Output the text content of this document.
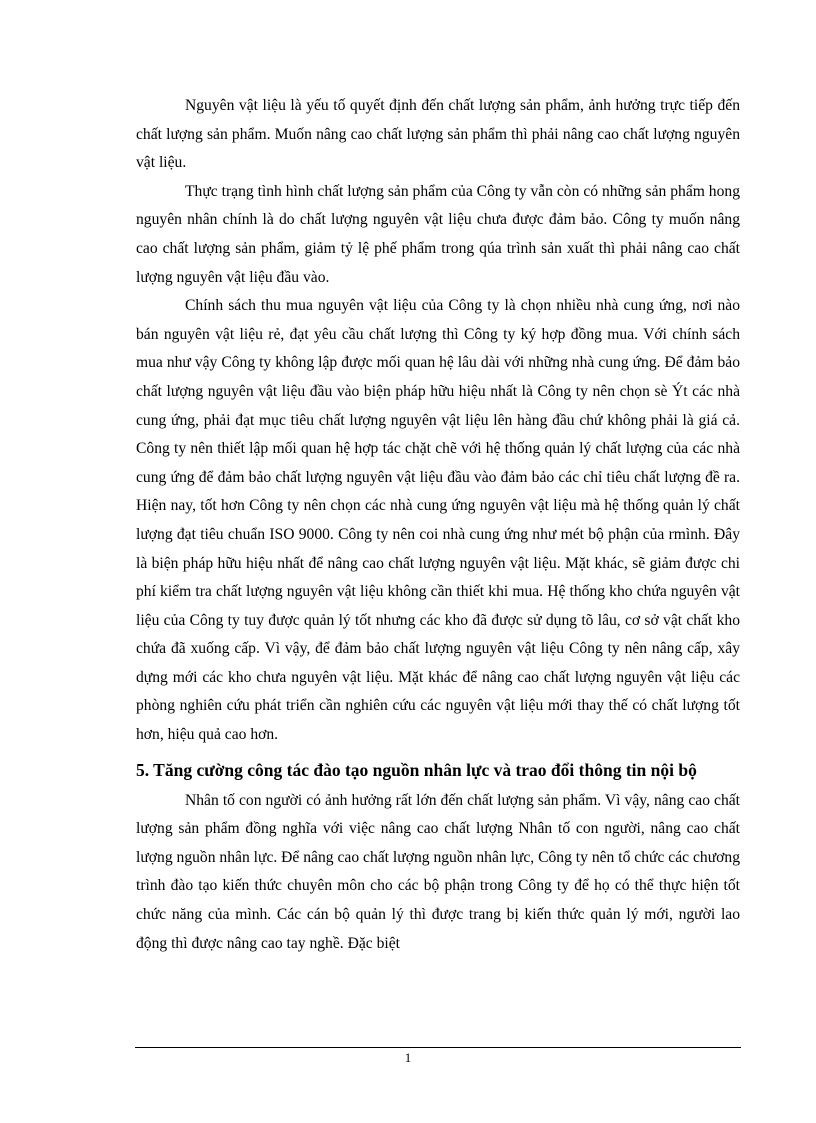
Nguyên vật liệu là yếu tố quyết định đến chất lượng sản phẩm, ảnh hưởng trực tiếp đến chất lượng sản phẩm. Muốn nâng cao chất lượng sản phẩm thì phải nâng cao chất lượng nguyên vật liệu.

Thực trạng tình hình chất lượng sản phẩm của Công ty vẫn còn có những sản phẩm hong nguyên nhân chính là do chất lượng nguyên vật liệu chưa được đảm bảo. Công ty muốn nâng cao chất lượng sản phẩm, giảm tỷ lệ phế phẩm trong qúa trình sản xuất thì phải nâng cao chất lượng nguyên vật liệu đầu vào.

Chính sách thu mua nguyên vật liệu của Công ty là chọn nhiều nhà cung ứng, nơi nào bán nguyên vật liệu rẻ, đạt yêu cầu chất lượng thì Công ty ký hợp đồng mua. Với chính sách mua như vậy Công ty không lập được mối quan hệ lâu dài với những nhà cung ứng. Để đảm bảo chất lượng nguyên vật liệu đầu vào biện pháp hữu hiệu nhất là Công ty nên chọn sè Ýt các nhà cung ứng, phải đạt mục tiêu chất lượng nguyên vật liệu lên hàng đầu chứ không phải là giá cả. Công ty nên thiết lập mối quan hệ hợp tác chặt chẽ với hệ thống quản lý chất lượng của các nhà cung ứng để đảm bảo chất lượng nguyên vật liệu đầu vào đảm bảo các chỉ tiêu chất lượng đề ra. Hiện nay, tốt hơn Công ty nên chọn các nhà cung ứng nguyên vật liệu mà hệ thống quản lý chất lượng đạt tiêu chuẩn ISO 9000. Công ty nên coi nhà cung ứng như mét bộ phận của rmình. Đây là biện pháp hữu hiệu nhất để nâng cao chất lượng nguyên vật liệu. Mặt khác, sẽ giảm được chi phí kiểm tra chất lượng nguyên vật liệu không cần thiết khi mua. Hệ thống kho chứa nguyên vật liệu của Công ty tuy được quản lý tốt nhưng các kho đã được sử dụng tõ lâu, cơ sở vật chất kho chứa đã xuống cấp. Vì vậy, để đảm bảo chất lượng nguyên vật liệu Công ty nên nâng cấp, xây dựng mới các kho chưa nguyên vật liệu. Mặt khác để nâng cao chất lượng nguyên vật liệu các phòng nghiên cứu phát triển cần nghiên cứu các nguyên vật liệu mới thay thế có chất lượng tốt hơn, hiệu quả cao hơn.

5. Tăng cường công tác đào tạo nguồn nhân lực và trao đổi thông tin nội bộ

Nhân tố con người có ảnh hưởng rất lớn đến chất lượng sản phẩm. Vì vậy, nâng cao chất lượng sản phẩm đồng nghĩa với việc nâng cao chất lượng Nhân tố con người, nâng cao chất lượng nguồn nhân lực. Để nâng cao chất lượng nguồn nhân lực, Công ty nên tổ chức các chương trình đào tạo kiến thức chuyên môn cho các bộ phận trong Công ty để họ có thể thực hiện tốt chức năng của mình. Các cán bộ quản lý thì được trang bị kiến thức quản lý mới, người lao động thì được nâng cao tay nghề. Đặc biệt

1
